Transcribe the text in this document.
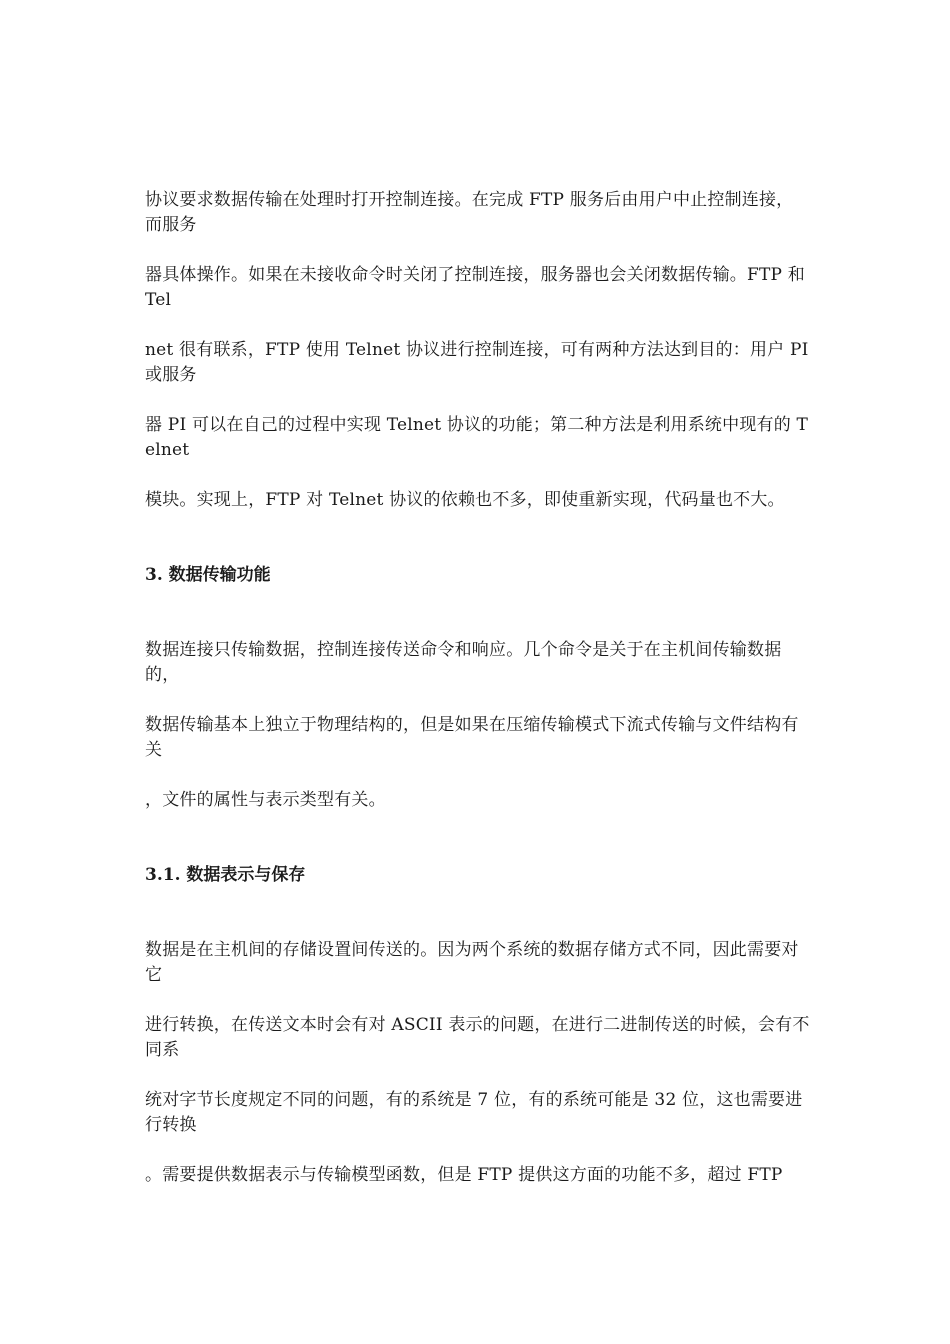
协议要求数据传输在处理时打开控制连接。在完成 FTP 服务后由用户中止控制连接，而服务

器具体操作。如果在未接收命令时关闭了控制连接，服务器也会关闭数据传输。FTP 和 Tel

net 很有联系，FTP 使用 Telnet 协议进行控制连接，可有两种方法达到目的：用户 PI 或服务

器 PI 可以在自己的过程中实现 Telnet 协议的功能；第二种方法是利用系统中现有的 Telnet

模块。实现上，FTP 对 Telnet 协议的依赖也不多，即使重新实现，代码量也不大。

3. 数据传输功能

数据连接只传输数据，控制连接传送命令和响应。几个命令是关于在主机间传输数据的，

数据传输基本上独立于物理结构的，但是如果在压缩传输模式下流式传输与文件结构有关

，文件的属性与表示类型有关。

3.1. 数据表示与保存

数据是在主机间的存储设置间传送的。因为两个系统的数据存储方式不同，因此需要对它

进行转换，在传送文本时会有对 ASCII 表示的问题，在进行二进制传送的时候，会有不同系

统对字节长度规定不同的问题，有的系统是 7 位，有的系统可能是 32 位，这也需要进行转换

。需要提供数据表示与传输模型函数，但是 FTP 提供这方面的功能不多，超过 FTP
